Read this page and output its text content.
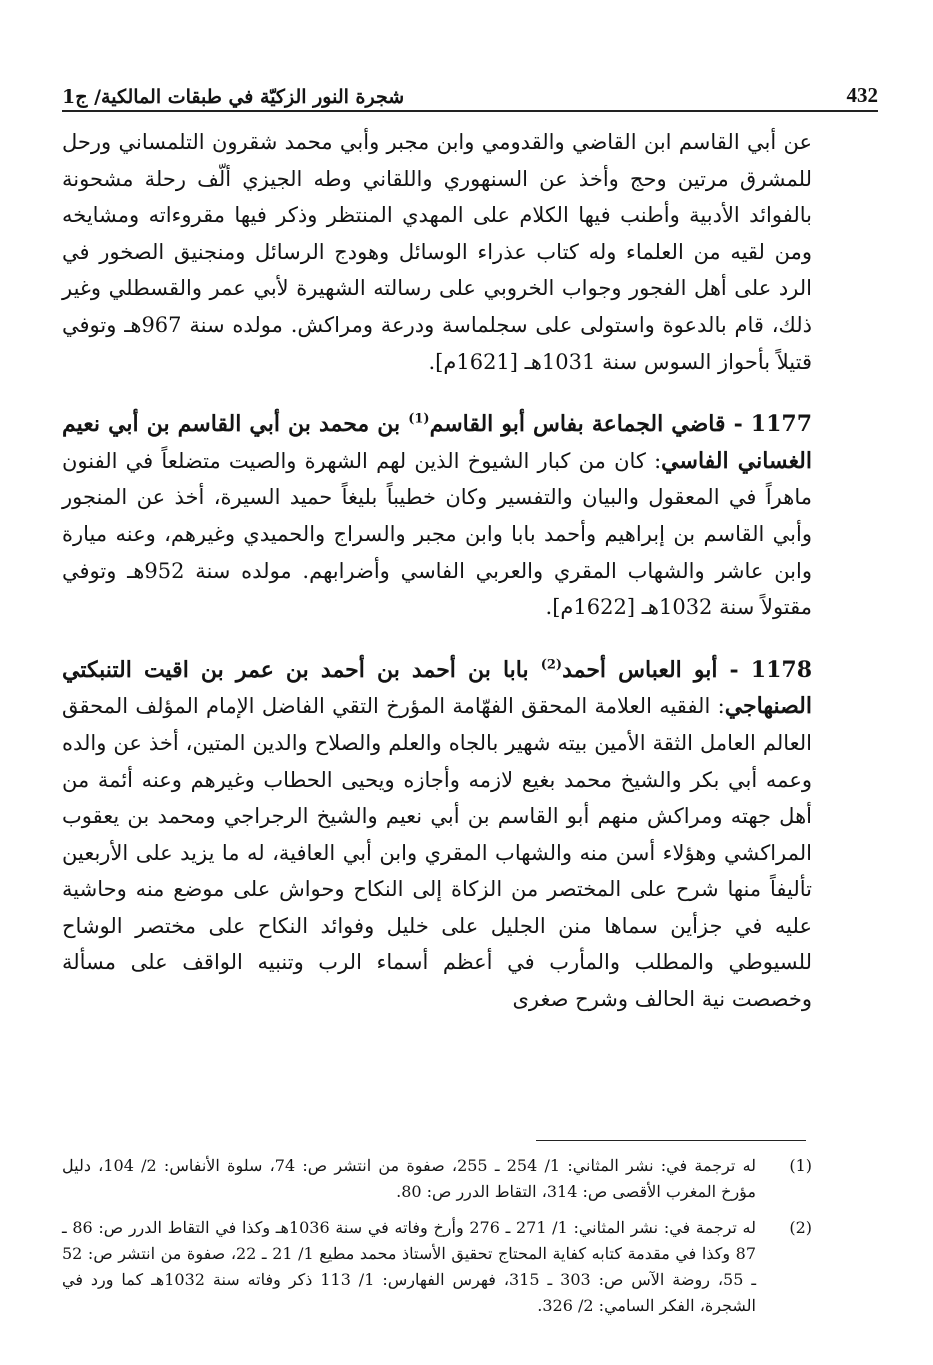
شجرة النور الزكيّة في طبقات المالكية/ ج1	432

عن أبي القاسم ابن القاضي والقدومي وابن مجبر وأبي محمد شقرون التلمساني ورحل للمشرق مرتين وحج وأخذ عن السنهوري واللقاني وطه الجيزي ألّف رحلة مشحونة بالفوائد الأدبية وأطنب فيها الكلام على المهدي المنتظر وذكر فيها مقروءاته ومشايخه ومن لقيه من العلماء وله كتاب عذراء الوسائل وهودج الرسائل ومنجنيق الصخور في الرد على أهل الفجور وجواب الخروبي على رسالته الشهيرة لأبي عمر والقسطلي وغير ذلك، قام بالدعوة واستولى على سجلماسة ودرعة ومراكش. مولده سنة 967هـ وتوفي قتيلاً بأحواز السوس سنة 1031هـ [1621م].

1177 - قاضي الجماعة بفاس أبو القاسم$^{(1)}$ بن محمد بن أبي القاسم بن أبي نعيم الغساني الفاسي: كان من كبار الشيوخ الذين لهم الشهرة والصيت متضلعاً في الفنون ماهراً في المعقول والبيان والتفسير وكان خطيباً بليغاً حميد السيرة، أخذ عن المنجور وأبي القاسم بن إبراهيم وأحمد بابا وابن مجبر والسراج والحميدي وغيرهم، وعنه ميارة وابن عاشر والشهاب المقري والعربي الفاسي وأضرابهم. مولده سنة 952هـ وتوفي مقتولاً سنة 1032هـ [1622م].

1178 - أبو العباس أحمد$^{(2)}$ بابا بن أحمد بن أحمد بن عمر بن اقيت التنبكتي الصنهاجي: الفقيه العلامة المحقق الفهّامة المؤرخ التقي الفاضل الإمام المؤلف المحقق العالم العامل الثقة الأمين بيته شهير بالجاه والعلم والصلاح والدين المتين، أخذ عن والده وعمه أبي بكر والشيخ محمد بغيع لازمه وأجازه ويحيى الحطاب وغيرهم وعنه أئمة من أهل جهته ومراكش منهم أبو القاسم بن أبي نعيم والشيخ الرجراجي ومحمد بن يعقوب المراكشي وهؤلاء أسن منه والشهاب المقري وابن أبي العافية، له ما يزيد على الأربعين تأليفاً منها شرح على المختصر من الزكاة إلى النكاح وحواش على موضع منه وحاشية عليه في جزأين سماها منن الجليل على خليل وفوائد النكاح على مختصر الوشاح للسيوطي والمطلب والمأرب في أعظم أسماء الرب وتنبيه الواقف على مسألة وخصصت نية الحالف وشرح صغرى

(1)
له ترجمة في: نشر المثاني: 1/ 254 ـ 255، صفوة من انتشر ص: 74، سلوة الأنفاس: 2/ 104، دليل مؤرخ المغرب الأقصى ص: 314، التقاط الدرر ص: 80.
(2)
له ترجمة في: نشر المثاني: 1/ 271 ـ 276 وأرخ وفاته في سنة 1036هـ وكذا في التقاط الدرر ص: 86 ـ 87 وكذا في مقدمة كتابه كفاية المحتاج تحقيق الأستاذ محمد مطيع 1/ 21 ـ 22، صفوة من انتشر ص: 52 ـ 55، روضة الآس ص: 303 ـ 315، فهرس الفهارس: 1/ 113 ذكر وفاته سنة 1032هـ كما ورد في الشجرة، الفكر السامي: 2/ 326.
